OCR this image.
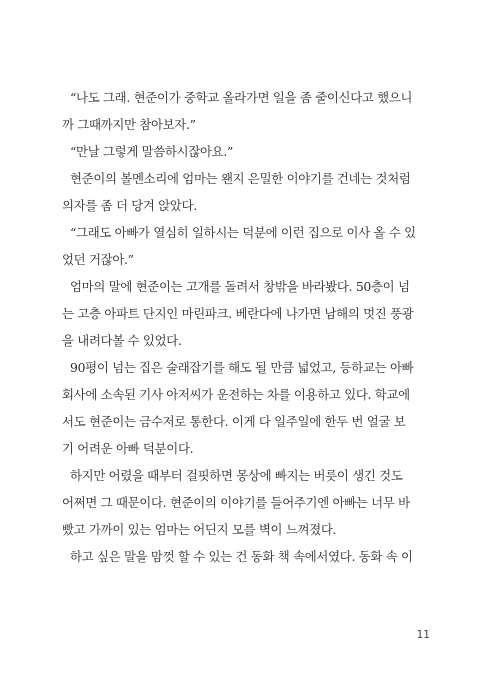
“나도 그래. 현준이가 중학교 올라가면 일을 좀 줄이신다고 했으니
까 그때까지만 참아보자.”
“만날 그렇게 말씀하시잖아요.”
현준이의 볼멘소리에 엄마는 왠지 은밀한 이야기를 건네는 것처럼
의자를 좀 더 당겨 앉았다.
“그래도 아빠가 열심히 일하시는 덕분에 이런 집으로 이사 올 수 있
었던 거잖아.”
엄마의 말에 현준이는 고개를 돌려서 창밖을 바라봤다. 50층이 넘
는 고층 아파트 단지인 마린파크. 베란다에 나가면 남해의 멋진 풍광
을 내려다볼 수 있었다.
90평이 넘는 집은 술래잡기를 해도 될 만큼 넓었고, 등하교는 아빠
회사에 소속된 기사 아저씨가 운전하는 차를 이용하고 있다. 학교에
서도 현준이는 금수저로 통한다. 이게 다 일주일에 한두 번 얼굴 보
기 어려운 아빠 덕분이다.
하지만 어렸을 때부터 걸핏하면 몽상에 빠지는 버릇이 생긴 것도
어쩌면 그 때문이다. 현준이의 이야기를 들어주기엔 아빠는 너무 바
빴고 가까이 있는 엄마는 어딘지 모를 벽이 느껴졌다.
하고 싶은 말을 맘껏 할 수 있는 건 동화 책 속에서였다. 동화 속 이
11
